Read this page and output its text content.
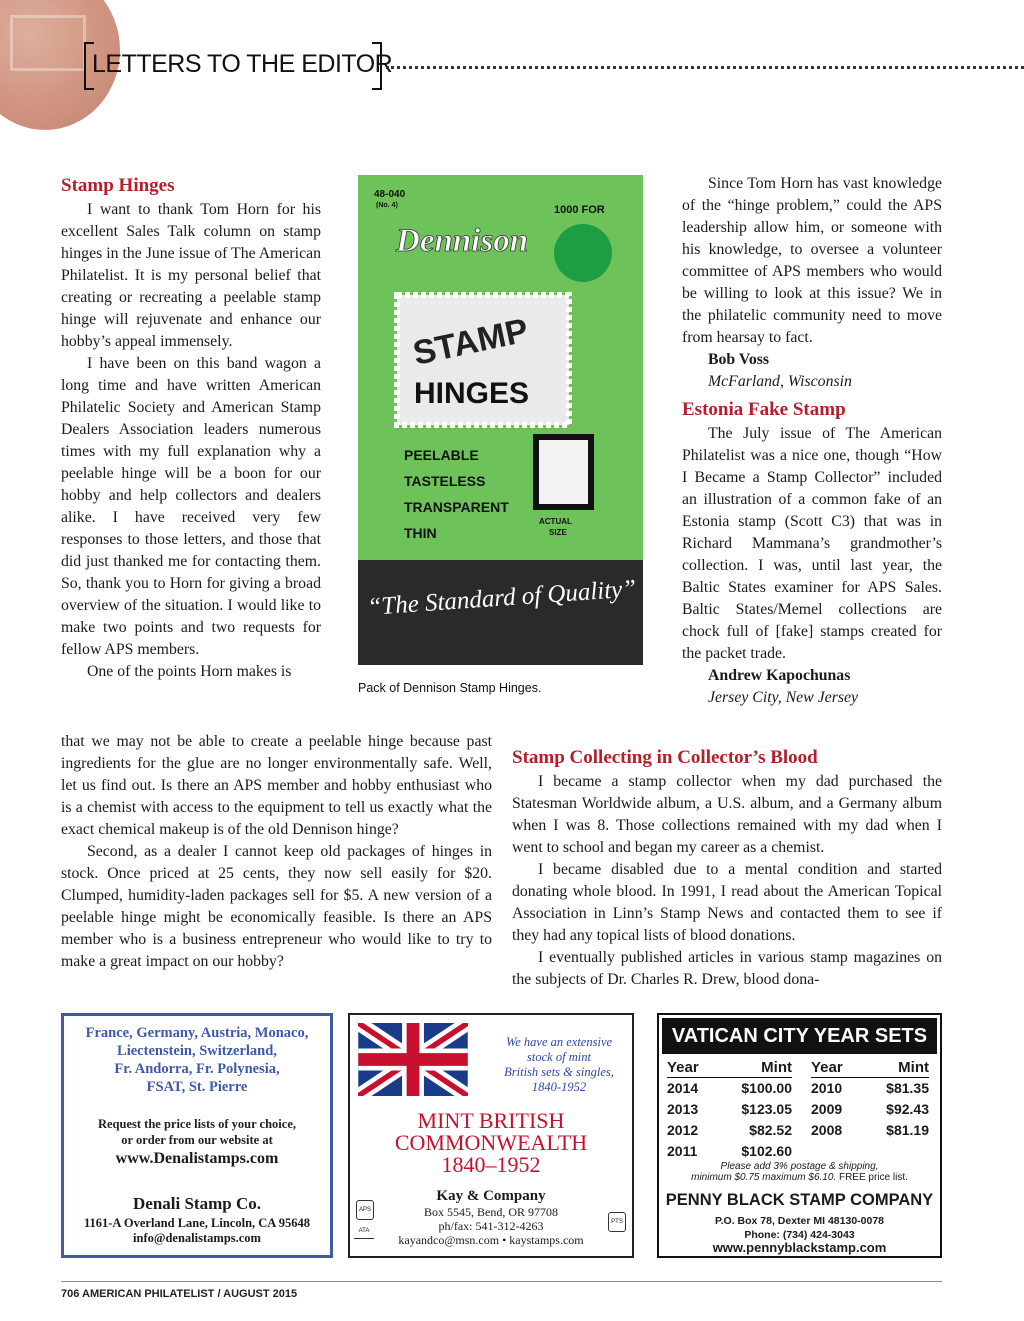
LETTERS TO THE EDITOR
Stamp Hinges

I want to thank Tom Horn for his excellent Sales Talk column on stamp hinges in the June issue of The American Philatelist. It is my personal belief that creating or recreating a peelable stamp hinge will rejuvenate and enhance our hobby’s appeal immensely.

I have been on this band wagon a long time and have written American Philatelic Society and American Stamp Dealers Association leaders numerous times with my full explanation why a peelable hinge will be a boon for our hobby and help collectors and dealers alike. I have received very few responses to those letters, and those that did just thanked me for contacting them. So, thank you to Horn for giving a broad overview of the situation. I would like to make two points and two requests for fellow APS members.

One of the points Horn makes is

that we may not be able to create a peelable hinge because past ingredients for the glue are no longer environmentally safe. Well, let us find out. Is there an APS member and hobby enthusiast who is a chemist with access to the equipment to tell us exactly what the exact chemical makeup is of the old Dennison hinge?

Second, as a dealer I cannot keep old packages of hinges in stock. Once priced at 25 cents, they now sell easily for $20. Clumped, humidity-laden packages sell for $5. A new version of a peelable hinge might be economically feasible. Is there an APS member who is a business entrepreneur who would like to try to make a great impact on our hobby?

48-040
(No. 4)	1000 FOR
Dennison
STAMP
HINGES
PEELABLE
TASTELESS
TRANSPARENT
THIN
ACTUAL
SIZE
“The Standard of Quality”
Pack of Dennison Stamp Hinges.

Since Tom Horn has vast knowledge of the “hinge problem,” could the APS leadership allow him, or someone with his knowledge, to oversee a volunteer committee of APS members who would be willing to look at this issue? We in the philatelic community need to move from hearsay to fact.

Bob Voss
McFarland, Wisconsin
Estonia Fake Stamp

The July issue of The American Philatelist was a nice one, though “How I Became a Stamp Collector” included an illustration of a common fake of an Estonia stamp (Scott C3) that was in Richard Mammana’s grandmother’s collection. I was, until last year, the Baltic States examiner for APS Sales. Baltic States/Memel collections are chock full of [fake] stamps created for the packet trade.

Andrew Kapochunas
Jersey City, New Jersey
Stamp Collecting in Collector’s Blood

I became a stamp collector when my dad purchased the Statesman Worldwide album, a U.S. album, and a Germany album when I was 8. Those collections remained with my dad when I went to school and began my career as a chemist.

I became disabled due to a mental condition and started donating whole blood. In 1991, I read about the American Topical Association in Linn’s Stamp News and contacted them to see if they had any topical lists of blood donations.

I eventually published articles in various stamp magazines on the subjects of Dr. Charles R. Drew, blood dona-

France, Germany, Austria, Monaco,
Liectenstein, Switzerland,
Fr. Andorra, Fr. Polynesia,
FSAT, St. Pierre
Request the price lists of your choice,
or order from our website at
www.Denalistamps.com
Denali Stamp Co.
1161-A Overland Lane, Lincoln, CA 95648
info@denalistamps.com
We have an extensive
stock of mint
British sets & singles,
1840-1952
MINT BRITISH
COMMONWEALTH
1840–1952
Kay & Company
Box 5545, Bend, OR 97708
ph/fax: 541-312-4263
kayandco@msn.com • kaystamps.com
APS
ATA
PTS
VATICAN CITY YEAR SETS
Year	Mint
2014	$100.00
2013	$123.05
2012	$82.52
2011	$102.60
Year	Mint
2010	$81.35
2009	$92.43
2008	$81.19
Please add 3% postage & shipping,
minimum $0.75 maximum $6.10. FREE price list.
PENNY BLACK STAMP COMPANY
P.O. Box 78, Dexter MI 48130-0078
Phone: (734) 424-3043
www.pennyblackstamp.com
706 AMERICAN PHILATELIST / AUGUST 2015
